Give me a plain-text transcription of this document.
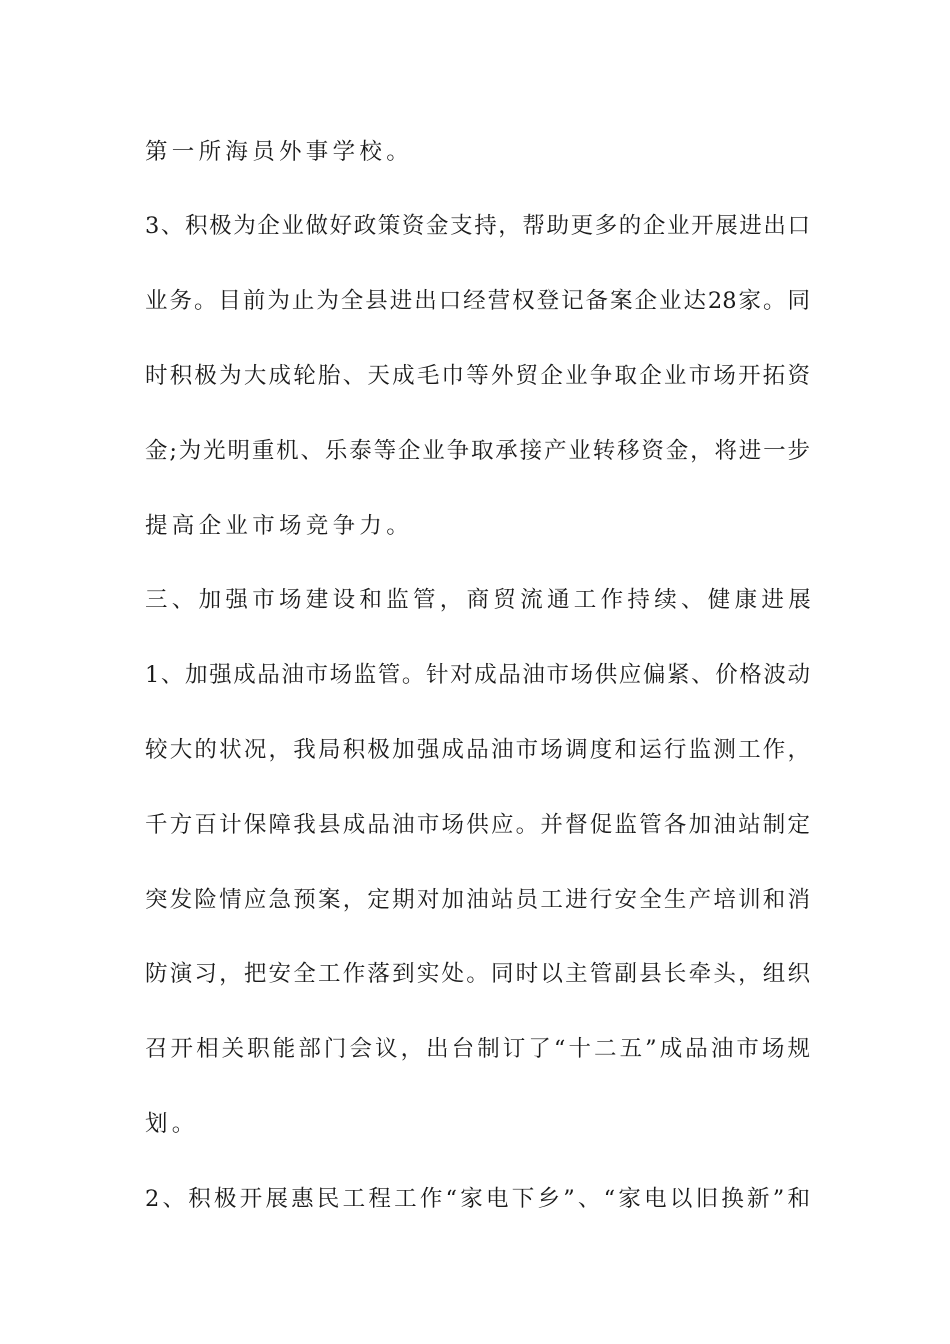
第一所海员外事学校。

3、积极为企业做好政策资金支持，帮助更多的企业开展进出口

业务。目前为止为全县进出口经营权登记备案企业达28家。同

时积极为大成轮胎、天成毛巾等外贸企业争取企业市场开拓资

金;为光明重机、乐泰等企业争取承接产业转移资金，将进一步

提高企业市场竞争力。

三、加强市场建设和监管，商贸流通工作持续、健康进展

1、加强成品油市场监管。针对成品油市场供应偏紧、价格波动

较大的状况，我局积极加强成品油市场调度和运行监测工作，

千方百计保障我县成品油市场供应。并督促监管各加油站制定

突发险情应急预案，定期对加油站员工进行安全生产培训和消

防演习，把安全工作落到实处。同时以主管副县长牵头，组织

召开相关职能部门会议，出台制订了“十二五”成品油市场规

划。

2、积极开展惠民工程工作“家电下乡”、“家电以旧换新”和
